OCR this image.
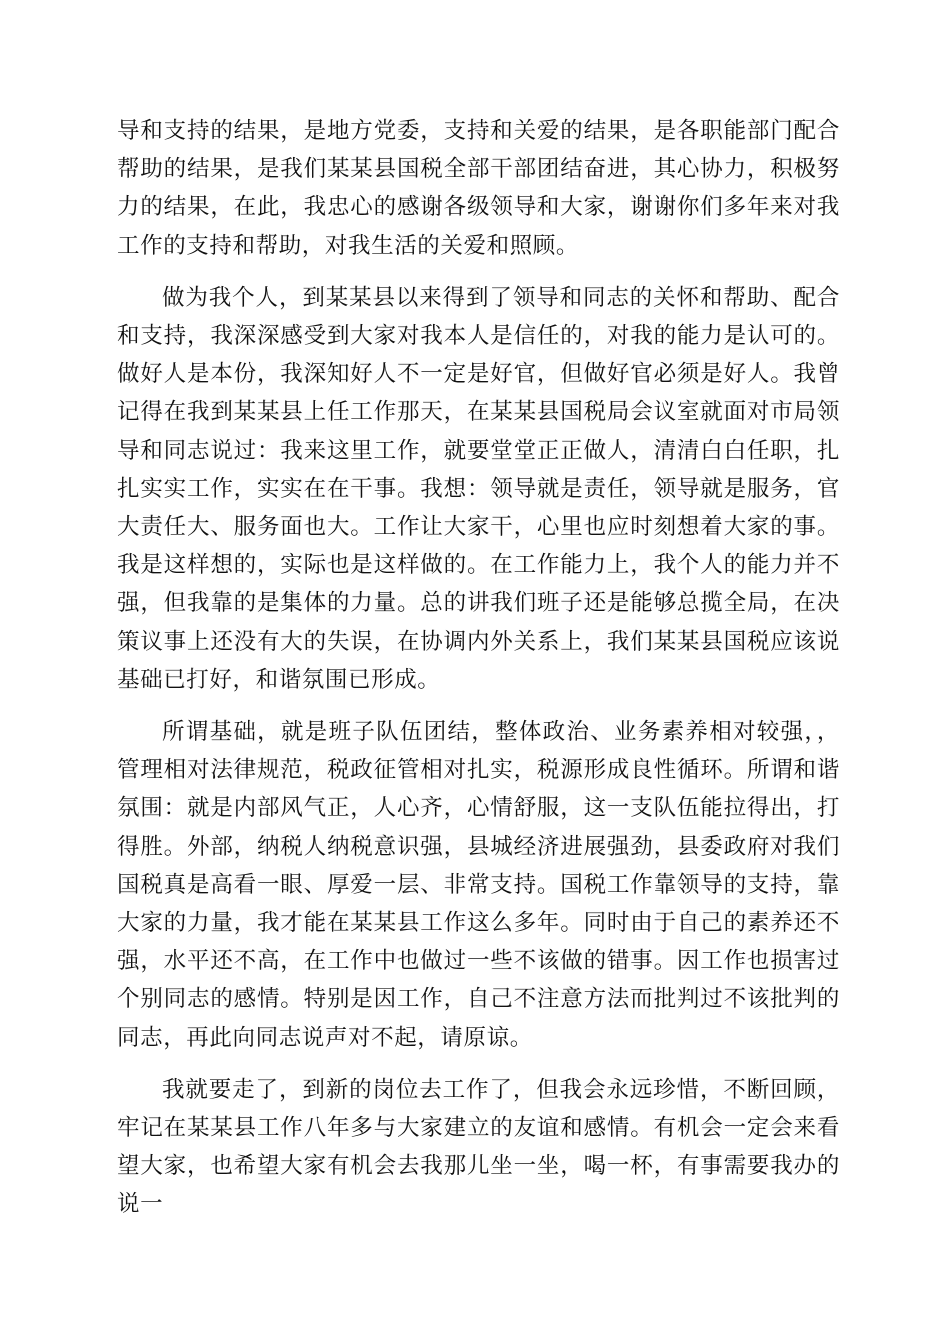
导和支持的结果，是地方党委，支持和关爱的结果，是各职能部门配合帮助的结果，是我们某某县国税全部干部团结奋进，其心协力，积极努力的结果，在此，我忠心的感谢各级领导和大家，谢谢你们多年来对我工作的支持和帮助，对我生活的关爱和照顾。

做为我个人，到某某县以来得到了领导和同志的关怀和帮助、配合和支持，我深深感受到大家对我本人是信任的，对我的能力是认可的。做好人是本份，我深知好人不一定是好官，但做好官必须是好人。我曾记得在我到某某县上任工作那天，在某某县国税局会议室就面对市局领导和同志说过：我来这里工作，就要堂堂正正做人，清清白白任职，扎扎实实工作，实实在在干事。我想：领导就是责任，领导就是服务，官大责任大、服务面也大。工作让大家干，心里也应时刻想着大家的事。我是这样想的，实际也是这样做的。在工作能力上，我个人的能力并不强，但我靠的是集体的力量。总的讲我们班子还是能够总揽全局，在决策议事上还没有大的失误，在协调内外关系上，我们某某县国税应该说基础已打好，和谐氛围已形成。

所谓基础，就是班子队伍团结，整体政治、业务素养相对较强，，管理相对法律规范，税政征管相对扎实，税源形成良性循环。所谓和谐氛围：就是内部风气正，人心齐，心情舒服，这一支队伍能拉得出，打得胜。外部，纳税人纳税意识强，县城经济进展强劲，县委政府对我们国税真是高看一眼、厚爱一层、非常支持。国税工作靠领导的支持，靠大家的力量，我才能在某某县工作这么多年。同时由于自己的素养还不强，水平还不高，在工作中也做过一些不该做的错事。因工作也损害过个别同志的感情。特别是因工作，自己不注意方法而批判过不该批判的同志，再此向同志说声对不起，请原谅。

我就要走了，到新的岗位去工作了，但我会永远珍惜，不断回顾，牢记在某某县工作八年多与大家建立的友谊和感情。有机会一定会来看望大家，也希望大家有机会去我那儿坐一坐，喝一杯，有事需要我办的说一
